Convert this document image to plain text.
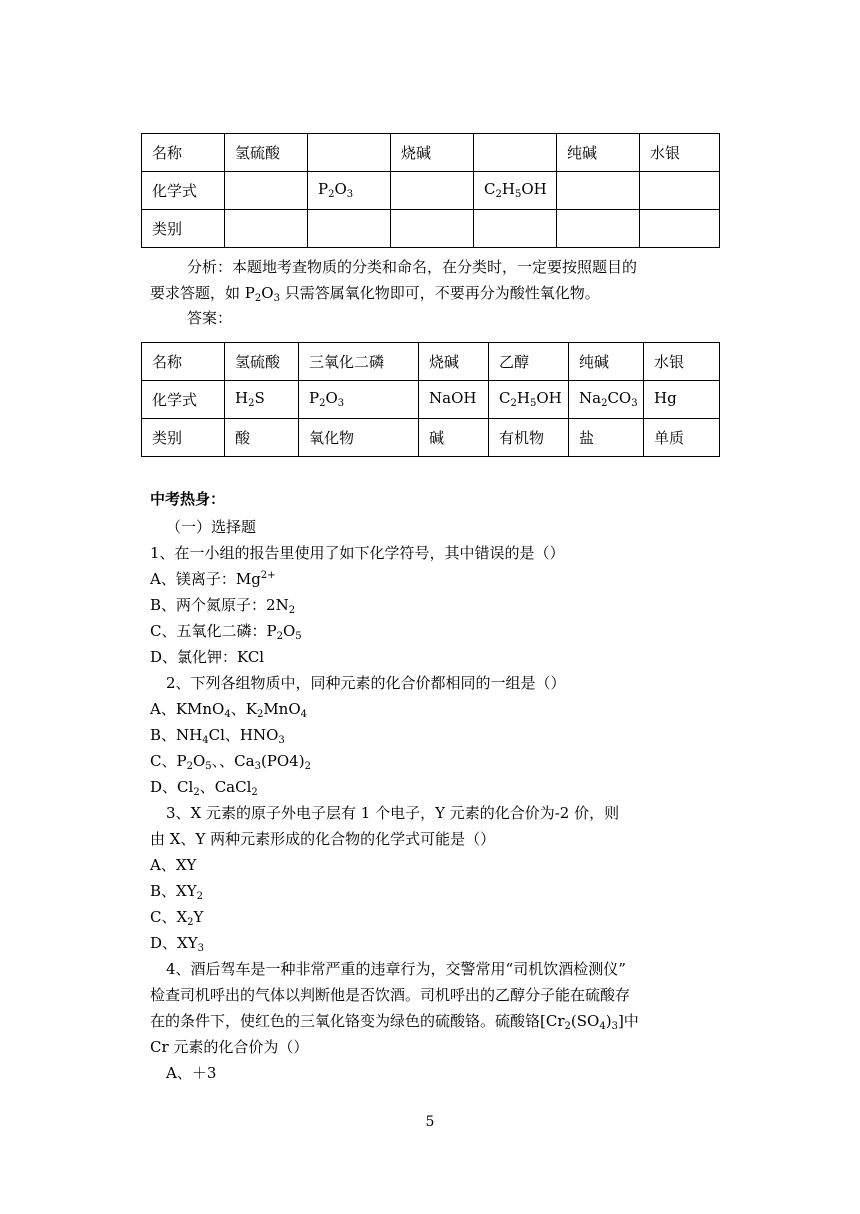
名称	氢硫酸		烧碱		纯碱	水银
化学式		$P_2O_3$		$C_2H_5OH$		
类别						
分析：本题地考查物质的分类和命名，在分类时，一定要按照题目的
要求答题，如 $P_2O_3$ 只需答属氧化物即可，不要再分为酸性氧化物。
答案：
名称	氢硫酸	三氧化二磷	烧碱	乙醇	纯碱	水银
化学式	$H_2S$	$P_2O_3$	NaOH	$C_2H_5OH$	$Na_2CO_3$	Hg
类别	酸	氧化物	碱	有机物	盐	单质
中考热身：
（一）选择题
1、在一小组的报告里使用了如下化学符号，其中错误的是（）
A、镁离子：$Mg^{2+}$
B、两个氮原子：$2N_2$
C、五氧化二磷：$P_2O_5$
D、氯化钾：KCl
2、下列各组物质中，同种元素的化合价都相同的一组是（）
A、KMnO$_4$、$K_2MnO_4$
B、$NH_4Cl$、$HNO_3$
C、$P_2O_5$、、$Ca_3(PO4)_2$
D、$Cl_2$、CaCl$_2$
3、X 元素的原子外电子层有 1 个电子，Y 元素的化合价为-2 价，则
由 X、Y 两种元素形成的化合物的化学式可能是（）
A、XY
B、$XY_2$
C、$X_2Y$
D、$XY_3$
4、酒后驾车是一种非常严重的违章行为，交警常用“司机饮酒检测仪”
检查司机呼出的气体以判断他是否饮酒。司机呼出的乙醇分子能在硫酸存
在的条件下，使红色的三氧化铬变为绿色的硫酸铬。硫酸铬$[Cr_2(SO_4)_3]$中
Cr 元素的化合价为（）
A、＋3
5
